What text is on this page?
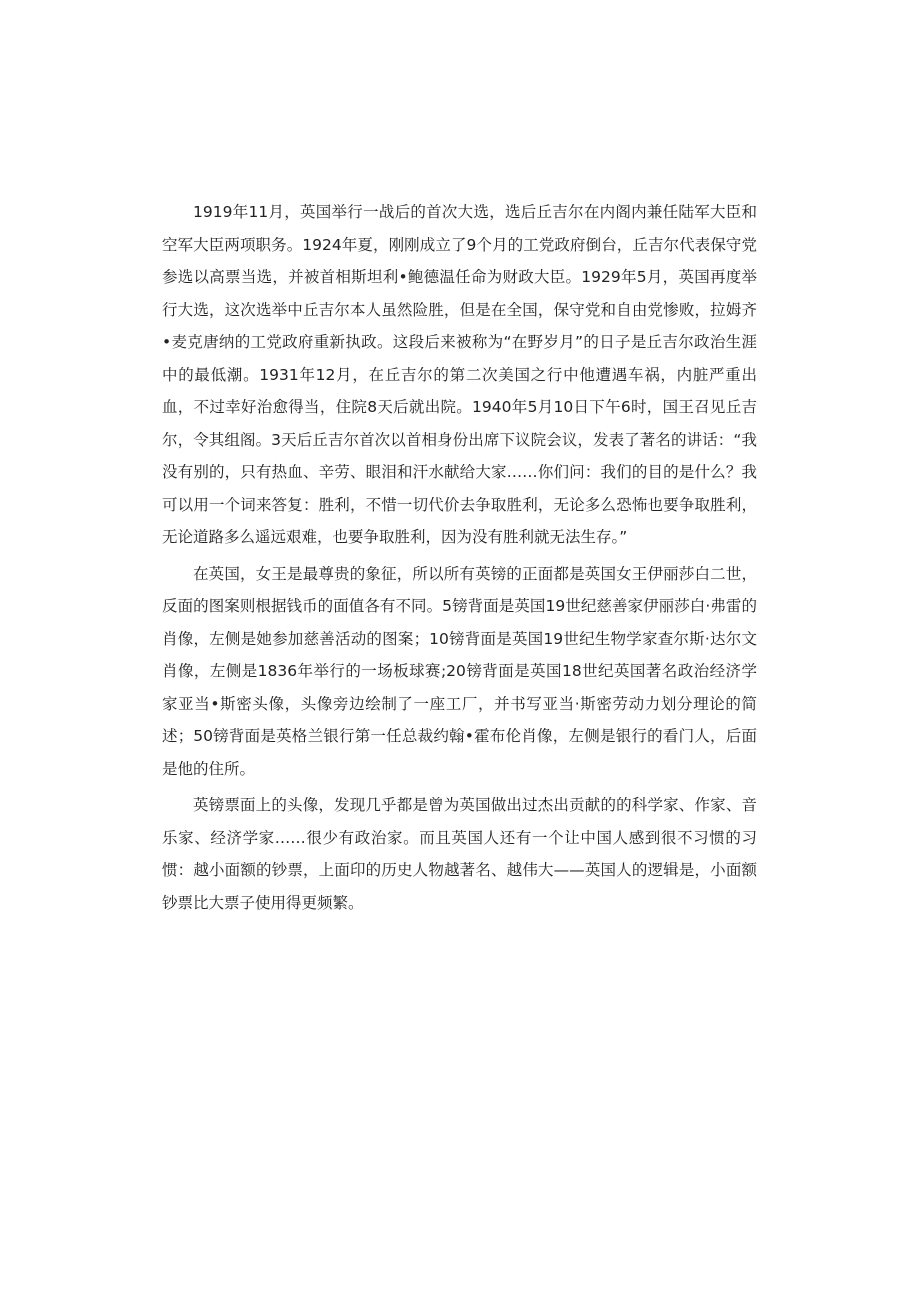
1919年11月，英国举行一战后的首次大选，选后丘吉尔在内阁内兼任陆军大臣和空军大臣两项职务。1924年夏，刚刚成立了9个月的工党政府倒台，丘吉尔代表保守党参选以高票当选，并被首相斯坦利•鲍德温任命为财政大臣。1929年5月，英国再度举行大选，这次选举中丘吉尔本人虽然险胜，但是在全国，保守党和自由党惨败，拉姆齐•麦克唐纳的工党政府重新执政。这段后来被称为“在野岁月”的日子是丘吉尔政治生涯中的最低潮。1931年12月，在丘吉尔的第二次美国之行中他遭遇车祸，内脏严重出血，不过幸好治愈得当，住院8天后就出院。1940年5月10日下午6时，国王召见丘吉尔，令其组阁。3天后丘吉尔首次以首相身份出席下议院会议，发表了著名的讲话：“我没有别的，只有热血、辛劳、眼泪和汗水献给大家……你们问：我们的目的是什么？我可以用一个词来答复：胜利，不惜一切代价去争取胜利，无论多么恐怖也要争取胜利，无论道路多么遥远艰难，也要争取胜利，因为没有胜利就无法生存。”

在英国，女王是最尊贵的象征，所以所有英镑的正面都是英国女王伊丽莎白二世，反面的图案则根据钱币的面值各有不同。5镑背面是英国19世纪慈善家伊丽莎白·弗雷的肖像，左侧是她参加慈善活动的图案；10镑背面是英国19世纪生物学家查尔斯·达尔文肖像，左侧是1836年举行的一场板球赛;20镑背面是英国18世纪英国著名政治经济学家亚当•斯密头像，头像旁边绘制了一座工厂，并书写亚当·斯密劳动力划分理论的简述；50镑背面是英格兰银行第一任总裁约翰•霍布伦肖像，左侧是银行的看门人，后面是他的住所。

英镑票面上的头像，发现几乎都是曾为英国做出过杰出贡献的的科学家、作家、音乐家、经济学家……很少有政治家。而且英国人还有一个让中国人感到很不习惯的习惯：越小面额的钞票，上面印的历史人物越著名、越伟大——英国人的逻辑是，小面额钞票比大票子使用得更频繁。
